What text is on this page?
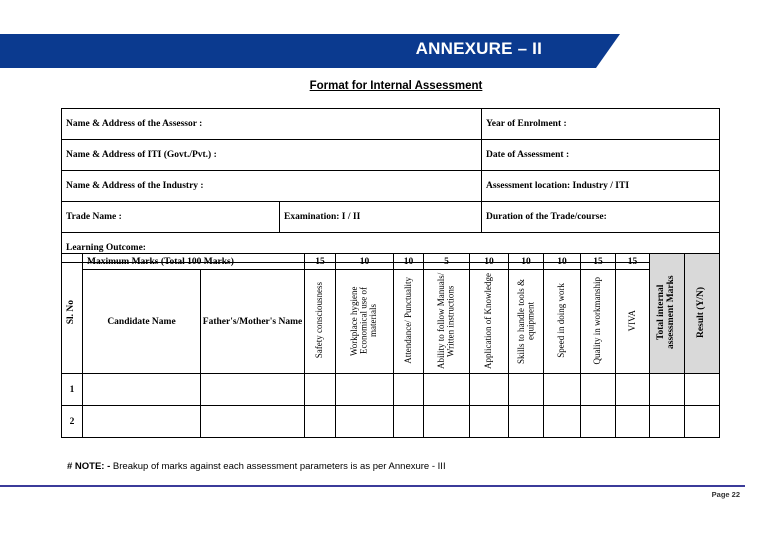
ANNEXURE – II
Format for Internal Assessment
Name & Address of the Assessor :		Year of Enrolment :
Name & Address of ITI (Govt./Pvt.) :		Date of Assessment :
Name & Address of the Industry :		Assessment location: Industry / ITI
Trade Name :	Examination: I / II	Duration of the Trade/course:
Learning Outcome:		
Sl. No	Maximum Marks (Total 100 Marks)		15	10	10	5	10	10	10	15	15	Total internal assessment Marks	Result (Y/N)
	Candidate Name	Father's/Mother's Name	Safety consciousness	Workplace hygiene Economical use of materials	Attendance/ Punctuality	Ability to follow Manuals/ Written instructions	Application of Knowledge	Skills to handle tools & equipment	Speed in doing work	Quality in workmanship	VIVA		
1													
2													
# NOTE: - Breakup of marks against each assessment parameters is as per Annexure - III
Page 22
